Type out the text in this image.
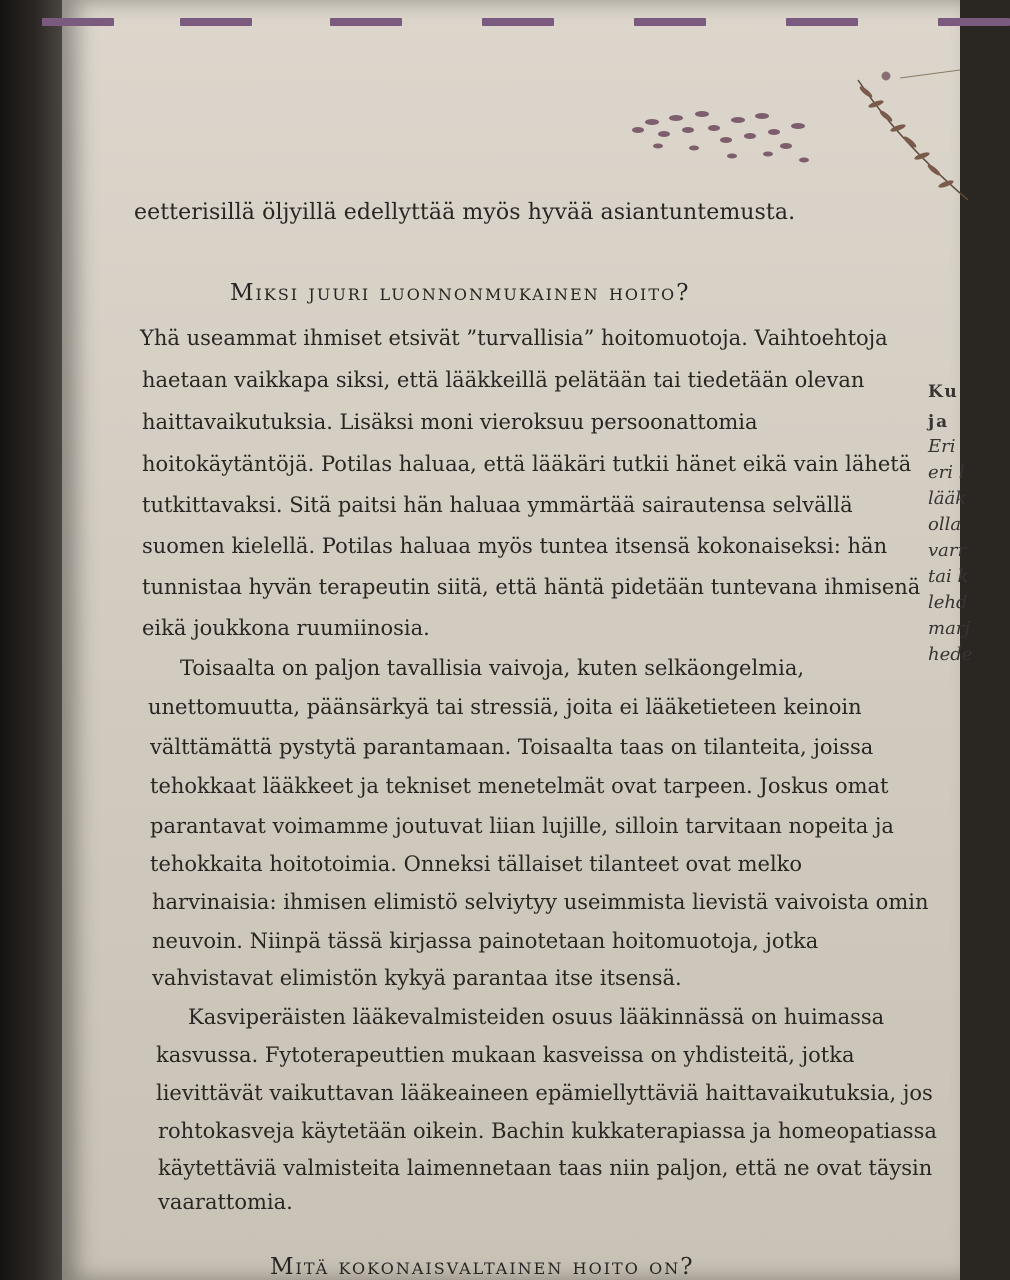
eetterisillä öljyillä edellyttää myös hyvää asiantuntemusta.
Miksi juuri luonnonmukainen hoito?
Yhä useammat ihmiset etsivät ”turvallisia” hoitomuotoja. Vaihtoehtoja
haetaan vaikkapa siksi, että lääkkeillä pelätään tai tiedetään olevan
haittavaikutuksia. Lisäksi moni vieroksuu persoonattomia
hoitokäytäntöjä. Potilas haluaa, että lääkäri tutkii hänet eikä vain lähetä
tutkittavaksi. Sitä paitsi hän haluaa ymmärtää sairautensa selvällä
suomen kielellä. Potilas haluaa myös tuntea itsensä kokonaiseksi: hän
tunnistaa hyvän terapeutin siitä, että häntä pidetään tuntevana ihmisenä
eikä joukkona ruumiinosia.
Toisaalta on paljon tavallisia vaivoja, kuten selkäongelmia,
unettomuutta, päänsärkyä tai stressiä, joita ei lääketieteen keinoin
välttämättä pystytä parantamaan. Toisaalta taas on tilanteita, joissa
tehokkaat lääkkeet ja tekniset menetelmät ovat tarpeen. Joskus omat
parantavat voimamme joutuvat liian lujille, silloin tarvitaan nopeita ja
tehokkaita hoitotoimia. Onneksi tällaiset tilanteet ovat melko
harvinaisia: ihmisen elimistö selviytyy useimmista lievistä vaivoista omin
neuvoin. Niinpä tässä kirjassa painotetaan hoitomuotoja, jotka
vahvistavat elimistön kykyä parantaa itse itsensä.
Kasviperäisten lääkevalmisteiden osuus lääkinnässä on huimassa
kasvussa. Fytoterapeuttien mukaan kasveissa on yhdisteitä, jotka
lievittävät vaikuttavan lääkeaineen epämiellyttäviä haittavaikutuksia, jos
rohtokasveja käytetään oikein. Bachin kukkaterapiassa ja homeopatiassa
käytettäviä valmisteita laimennetaan taas niin paljon, että ne ovat täysin
vaarattomia.
Mitä kokonaisvaltainen hoito on?
Ku
ja
Eri
eri l
lääk
olla
varr
tai k
lehd
marj
hede
